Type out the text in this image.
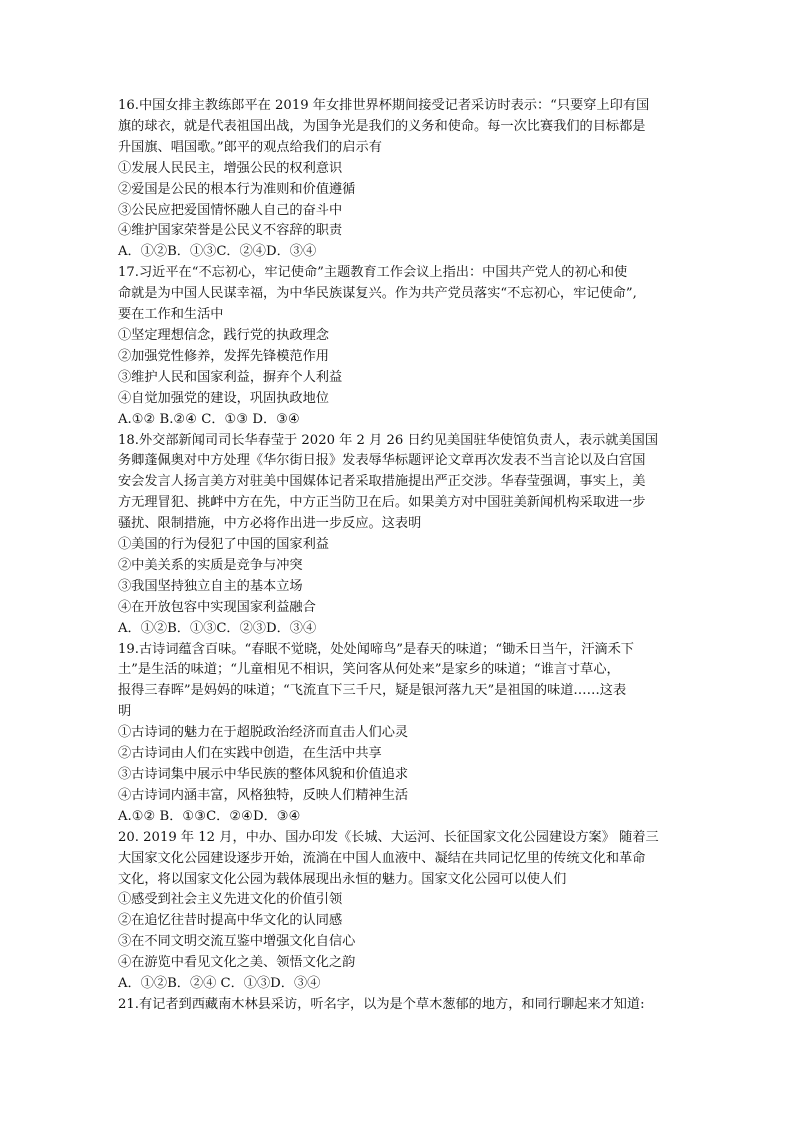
16.中国女排主教练郎平在 2019 年女排世界杯期间接受记者采访时表示：“只要穿上印有国

旗的球衣，就是代表祖国出战，为国争光是我们的义务和使命。每一次比赛我们的目标都是

升国旗、唱国歌。”郎平的观点给我们的启示有

①发展人民民主，增强公民的权利意识

②爱国是公民的根本行为准则和价值遵循

③公民应把爱国情怀融人自己的奋斗中

④维护国家荣誉是公民义不容辞的职责

A．①②B．①③C．②④D．③④

17.习近平在“不忘初心，牢记使命”主题教育工作会议上指出：中国共产党人的初心和使

命就是为中国人民谋幸福，为中华民族谋复兴。作为共产党员落实“不忘初心，牢记使命”,

要在工作和生活中

①坚定理想信念，践行党的执政理念

②加强党性修养，发挥先锋模范作用

③维护人民和国家利益，摒弃个人利益

④自觉加强党的建设，巩固执政地位

A.①② B.②④ C．①③ D．③④

18.外交部新闻司司长华春莹于 2020 年 2 月 26 日约见美国驻华使馆负责人，表示就美国国

务卿蓬佩奥对中方处理《华尔街日报》发表辱华标题评论文章再次发表不当言论以及白宫国

安会发言人扬言美方对驻美中国媒体记者采取措施提出严正交涉。华春莹强调，事实上，美

方无理冒犯、挑衅中方在先，中方正当防卫在后。如果美方对中国驻美新闻机构采取进一步

骚扰、限制措施，中方必将作出进一步反应。这表明

①美国的行为侵犯了中国的国家利益

②中美关系的实质是竞争与冲突

③我国坚持独立自主的基本立场

④在开放包容中实现国家利益融合

A．①②B．①③C．②③D．③④

19.古诗词蕴含百味。“春眠不觉晓，处处闻啼鸟”是春天的味道；“锄禾日当午，汗滴禾下

土”是生活的味道；“儿童相见不相识，笑问客从何处来”是家乡的味道；“谁言寸草心，

报得三春晖”是妈妈的味道；“飞流直下三千尺，疑是银河落九天”是祖国的味道……这表

明

①古诗词的魅力在于超脱政治经济而直击人们心灵

②古诗词由人们在实践中创造，在生活中共享

③古诗词集中展示中华民族的整体风貌和价值追求

④古诗词内涵丰富，风格独特，反映人们精神生活

A.①② B．①③C．②④D．③④

20. 2019 年 12 月，中办、国办印发《长城、大运河、长征国家文化公园建设方案》 随着三

大国家文化公园建设逐步开始，流淌在中国人血液中、凝结在共同记忆里的传统文化和革命

文化，将以国家文化公园为载体展现出永恒的魅力。国家文化公园可以使人们

①感受到社会主义先进文化的价值引领

②在追忆往昔时提高中华文化的认同感

③在不同文明交流互鉴中增强文化自信心

④在游览中看见文化之美、领悟文化之韵

A．①②B．②④ C．①③D．③④

21.有记者到西藏南木林县采访，听名字，以为是个草木葱郁的地方，和同行聊起来才知道:
